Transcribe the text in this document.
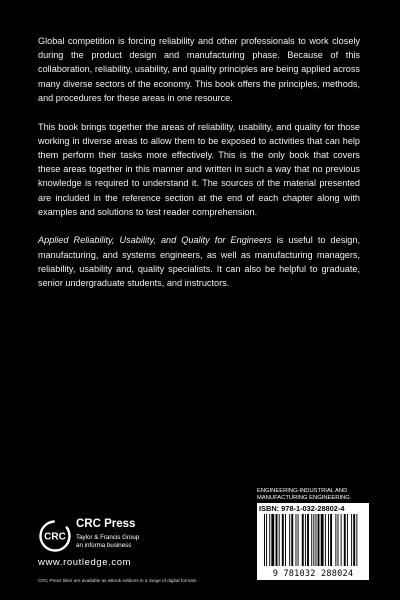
Global competition is forcing reliability and other professionals to work closely during the product design and manufacturing phase. Because of this collaboration, reliability, usability, and quality principles are being applied across many diverse sectors of the economy. This book offers the principles, methods, and procedures for these areas in one resource.

This book brings together the areas of reliability, usability, and quality for those working in diverse areas to allow them to be exposed to activities that can help them perform their tasks more effectively. This is the only book that covers these areas together in this manner and written in such a way that no previous knowledge is required to understand it. The sources of the material presented are included in the reference section at the end of each chapter along with examples and solutions to test reader comprehension.

Applied Reliability, Usability, and Quality for Engineers is useful to design, manufacturing, and systems engineers, as well as manufacturing managers, reliability, usability and, quality specialists. It can also be helpful to graduate, senior undergraduate students, and instructors.

CRC
CRC Press
Taylor & Francis Group
an informa business
www.routledge.com
CRC Press titles are available as eBook editions in a range of digital formats
ENGINEERING-INDUSTRIAL AND
MANUFACTURING ENGINEERING
ISBN: 978-1-032-28802-4
9 781032 288024
